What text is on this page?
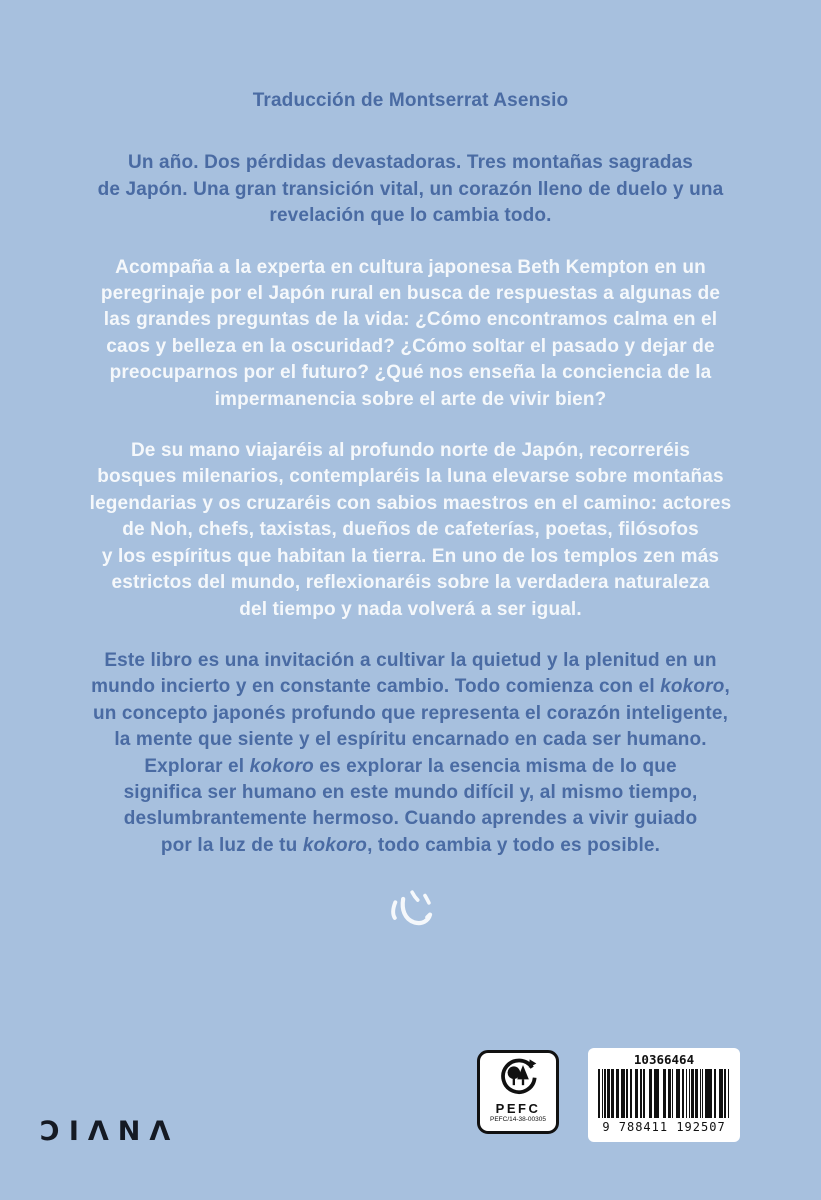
Traducción de Montserrat Asensio
Un año. Dos pérdidas devastadoras. Tres montañas sagradas
de Japón. Una gran transición vital, un corazón lleno de duelo y una
revelación que lo cambia todo.
Acompaña a la experta en cultura japonesa Beth Kempton en un
peregrinaje por el Japón rural en busca de respuestas a algunas de
las grandes preguntas de la vida: ¿Cómo encontramos calma en el
caos y belleza en la oscuridad? ¿Cómo soltar el pasado y dejar de
preocuparnos por el futuro? ¿Qué nos enseña la conciencia de la
impermanencia sobre el arte de vivir bien?
De su mano viajaréis al profundo norte de Japón, recorreréis
bosques milenarios, contemplaréis la luna elevarse sobre montañas
legendarias y os cruzaréis con sabios maestros en el camino: actores
de Noh, chefs, taxistas, dueños de cafeterías, poetas, filósofos
y los espíritus que habitan la tierra. En uno de los templos zen más
estrictos del mundo, reflexionaréis sobre la verdadera naturaleza
del tiempo y nada volverá a ser igual.
Este libro es una invitación a cultivar la quietud y la plenitud en un
mundo incierto y en constante cambio. Todo comienza con el kokoro,
un concepto japonés profundo que representa el corazón inteligente,
la mente que siente y el espíritu encarnado en cada ser humano.
Explorar el kokoro es explorar la esencia misma de lo que
significa ser humano en este mundo difícil y, al mismo tiempo,
deslumbrantemente hermoso. Cuando aprendes a vivir guiado
por la luz de tu kokoro, todo cambia y todo es posible.
ƆIΛNΛ
PEFC
PEFC/14-38-00305
10366464
9 788411 192507
